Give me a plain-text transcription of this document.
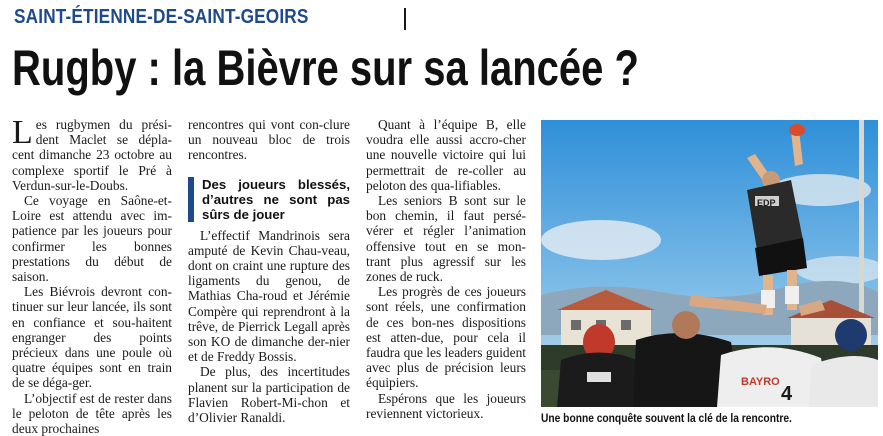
SAINT-ÉTIENNE-DE-SAINT-GEOIRS
Rugby : la Bièvre sur sa lancée ?

Les rugbymen du prési-dent Maclet se dépla-cent dimanche 23 octobre au complexe sportif le Pré à Verdun-sur-le-Doubs.

Ce voyage en Saône-et-Loire est attendu avec im-patience par les joueurs pour confirmer les bonnes prestations du début de saison.

Les Biévrois devront con-tinuer sur leur lancée, ils sont en confiance et sou-haitent engranger des points précieux dans une poule où quatre équipes sont en train de se déga-ger.

L’objectif est de rester dans le peloton de tête après les deux prochaines

rencontres qui vont con-clure un nouveau bloc de trois rencontres.

Des joueurs blessés, d’autres ne sont pas sûrs de jouer

L’effectif Mandrinois sera amputé de Kevin Chau-veau, dont on craint une rupture des ligaments du genou, de Mathias Cha-roud et Jérémie Compère qui reprendront à la trêve, de Pierrick Legall après son KO de dimanche der-nier et de Freddy Bossis.

De plus, des incertitudes planent sur la participation de Flavien Robert-Mi-chon et d’Olivier Ranaldi.

Quant à l’équipe B, elle voudra elle aussi accro-cher une nouvelle victoire qui lui permettrait de re-coller au peloton des qua-lifiables.

Les seniors B sont sur le bon chemin, il faut persé-vérer et régler l’animation offensive tout en se mon-trant plus agressif sur les zones de ruck.

Les progrès de ces joueurs sont réels, une confirmation de ces bon-nes dispositions est atten-due, pour cela il faudra que les leaders guident avec plus de précision leurs équipiers.

Espérons que les joueurs reviennent victorieux.

BAYRO
4
EDP
Une bonne conquête souvent la clé de la rencontre.
